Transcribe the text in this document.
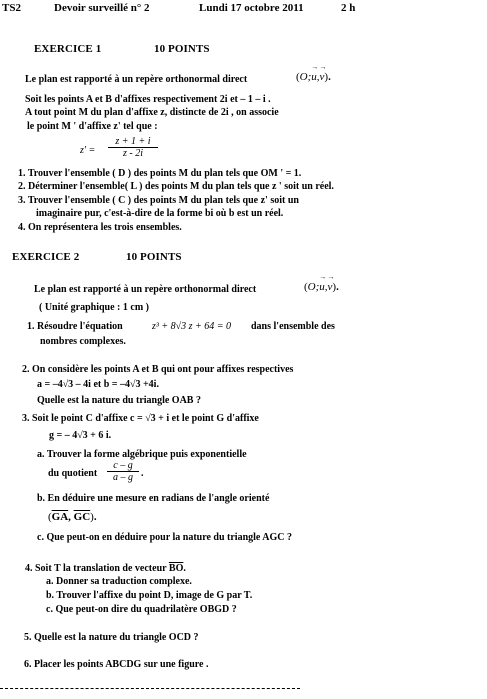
TS2	Devoir surveillé n° 2	Lundi 17 octobre 2011	2 h
EXERCICE 1	10 POINTS
Le plan est rapporté à un repère orthonormal direct	(O;→ u,→ v).
Soit les points A et B d'affixes respectivement 2i et – 1 – i .
A tout point M du plan d'affixe z, distincte de 2i , on associe
le point M ' d'affixe z' tel que :
$z' = \frac{z + 1 + i}{z - 2i}$
1. Trouver l'ensemble ( D ) des points M du plan tels que OM ' = 1.
2. Déterminer l'ensemble( L ) des points M du plan tels que z ' soit un réel.
3. Trouver l'ensemble ( C ) des points M du plan tels que z' soit un
imaginaire pur, c'est-à-dire de la forme bi où b est un réel.
4. On représentera les trois ensembles.
EXERCICE 2	10 POINTS
Le plan est rapporté à un repère orthonormal direct	(O;→ u,→ v).
( Unité graphique : 1 cm )
1. Résoudre l'équation	z³ + 8√3 z + 64 = 0 dans l'ensemble des
nombres complexes.
2. On considère les points A et B qui ont pour affixes respectives
a = –4√3 – 4i et b = –4√3 +4i.
Quelle est la nature du triangle OAB ?
3. Soit le point C d'affixe c = √3 + i et le point G d'affixe
g = – 4√3 + 6 i.
a. Trouver la forme algébrique puis exponentielle
du quotient $\frac{c - g}{a - g}$ .
b. En déduire une mesure en radians de l'angle orienté
($\overline{GA}$, $\overline{GC}$).
c. Que peut-on en déduire pour la nature du triangle AGC ?
4. Soit T la translation de vecteur $\overline{BO}$.
a. Donner sa traduction complexe.
b. Trouver l'affixe du point D, image de G par T.
c. Que peut-on dire du quadrilatère OBGD ?
5. Quelle est la nature du triangle OCD ?
6. Placer les points ABCDG sur une figure .
